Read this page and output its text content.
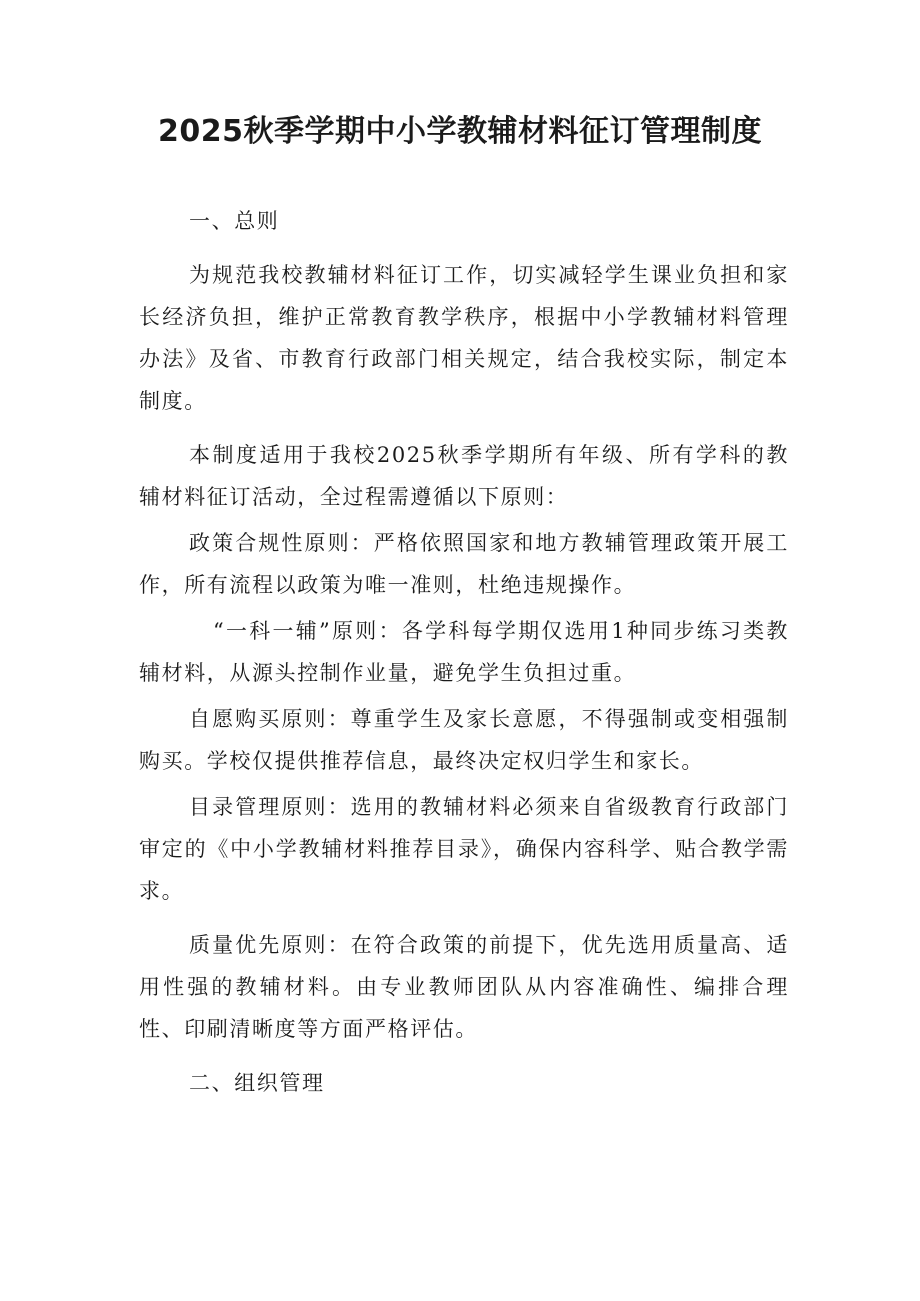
2025秋季学期中小学教辅材料征订管理制度

一、总则

为规范我校教辅材料征订工作，切实减轻学生课业负担和家长经济负担，维护正常教育教学秩序，根据中小学教辅材料管理办法》及省、市教育行政部门相关规定，结合我校实际，制定本制度。

本制度适用于我校2025秋季学期所有年级、所有学科的教辅材料征订活动，全过程需遵循以下原则：

政策合规性原则：严格依照国家和地方教辅管理政策开展工作，所有流程以政策为唯一准则，杜绝违规操作。

“一科一辅”原则：各学科每学期仅选用1种同步练习类教辅材料，从源头控制作业量，避免学生负担过重。

自愿购买原则：尊重学生及家长意愿，不得强制或变相强制购买。学校仅提供推荐信息，最终决定权归学生和家长。

目录管理原则：选用的教辅材料必须来自省级教育行政部门审定的《中小学教辅材料推荐目录》，确保内容科学、贴合教学需求。

质量优先原则：在符合政策的前提下，优先选用质量高、适用性强的教辅材料。由专业教师团队从内容准确性、编排合理性、印刷清晰度等方面严格评估。

二、组织管理
